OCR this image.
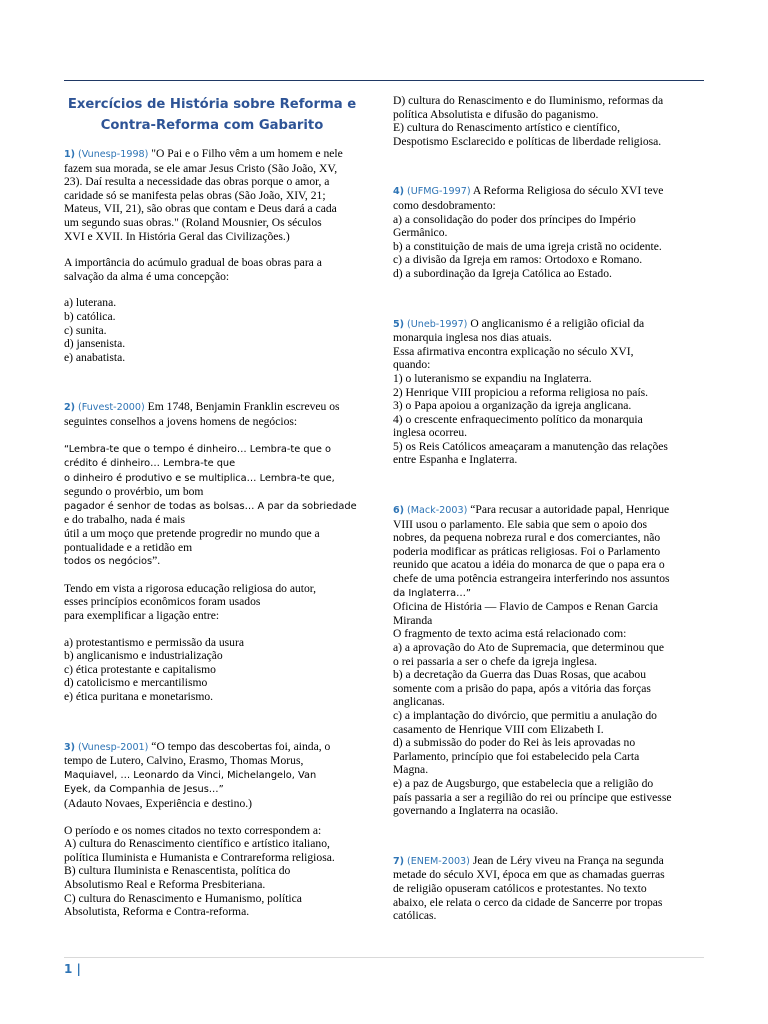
Exercícios de História sobre Reforma e
Contra-Reforma com Gabarito

1) (Vunesp-1998) "O Pai e o Filho vêm a um homem e nele

fazem sua morada, se ele amar Jesus Cristo (São João, XV,

23). Daí resulta a necessidade das obras porque o amor, a

caridade só se manifesta pelas obras (São João, XIV, 21;

Mateus, VII, 21), são obras que contam e Deus dará a cada

um segundo suas obras." (Roland Mousnier, Os séculos

XVI e XVII. In História Geral das Civilizações.)

A importância do acúmulo gradual de boas obras para a

salvação da alma é uma concepção:

a) luterana.

b) católica.

c) sunita.

d) jansenista.

e) anabatista.

2) (Fuvest-2000) Em 1748, Benjamin Franklin escreveu os

seguintes conselhos a jovens homens de negócios:

“Lembra-te que o tempo é dinheiro… Lembra-te que o

crédito é dinheiro… Lembra-te que

o dinheiro é produtivo e se multiplica… Lembra-te que,

segundo o provérbio, um bom

pagador é senhor de todas as bolsas… A par da sobriedade

e do trabalho, nada é mais

útil a um moço que pretende progredir no mundo que a

pontualidade e a retidão em

todos os negócios”.

Tendo em vista a rigorosa educação religiosa do autor,

esses princípios econômicos foram usados

para exemplificar a ligação entre:

a) protestantismo e permissão da usura

b) anglicanismo e industrialização

c) ética protestante e capitalismo

d) catolicismo e mercantilismo

e) ética puritana e monetarismo.

3) (Vunesp-2001) “O tempo das descobertas foi, ainda, o

tempo de Lutero, Calvino, Erasmo, Thomas Morus,

Maquiavel, … Leonardo da Vinci, Michelangelo, Van

Eyek, da Companhia de Jesus…”

(Adauto Novaes, Experiência e destino.)

O período e os nomes citados no texto correspondem a:

A) cultura do Renascimento científico e artístico italiano,

política Iluminista e Humanista e Contrareforma religiosa.

B) cultura Iluminista e Renascentista, política do

Absolutismo Real e Reforma Presbiteriana.

C) cultura do Renascimento e Humanismo, política

Absolutista, Reforma e Contra-reforma.

D) cultura do Renascimento e do Iluminismo, reformas da

política Absolutista e difusão do paganismo.

E) cultura do Renascimento artístico e científico,

Despotismo Esclarecido e políticas de liberdade religiosa.

4) (UFMG-1997) A Reforma Religiosa do século XVI teve

como desdobramento:

a) a consolidação do poder dos príncipes do Império

Germânico.

b) a constituição de mais de uma igreja cristã no ocidente.

c) a divisão da Igreja em ramos: Ortodoxo e Romano.

d) a subordinação da Igreja Católica ao Estado.

5) (Uneb-1997) O anglicanismo é a religião oficial da

monarquia inglesa nos dias atuais.

Essa afirmativa encontra explicação no século XVI,

quando:

1) o luteranismo se expandiu na Inglaterra.

2) Henrique VIII propiciou a reforma religiosa no país.

3) o Papa apoiou a organização da igreja anglicana.

4) o crescente enfraquecimento político da monarquia

inglesa ocorreu.

5) os Reis Católicos ameaçaram a manutenção das relações

entre Espanha e Inglaterra.

6) (Mack-2003) “Para recusar a autoridade papal, Henrique

VIII usou o parlamento. Ele sabia que sem o apoio dos

nobres, da pequena nobreza rural e dos comerciantes, não

poderia modificar as práticas religiosas. Foi o Parlamento

reunido que acatou a idéia do monarca de que o papa era o

chefe de uma potência estrangeira interferindo nos assuntos

da Inglaterra…”

Oficina de História — Flavio de Campos e Renan Garcia

Miranda

O fragmento de texto acima está relacionado com:

a) a aprovação do Ato de Supremacia, que determinou que

o rei passaria a ser o chefe da igreja inglesa.

b) a decretação da Guerra das Duas Rosas, que acabou

somente com a prisão do papa, após a vitória das forças

anglicanas.

c) a implantação do divórcio, que permitiu a anulação do

casamento de Henrique VIII com Elizabeth I.

d) a submissão do poder do Rei às leis aprovadas no

Parlamento, princípio que foi estabelecido pela Carta

Magna.

e) a paz de Augsburgo, que estabelecia que a religião do

país passaria a ser a regilião do rei ou príncipe que estivesse

governando a Inglaterra na ocasião.

7) (ENEM-2003) Jean de Léry viveu na França na segunda

metade do século XVI, época em que as chamadas guerras

de religião opuseram católicos e protestantes. No texto

abaixo, ele relata o cerco da cidade de Sancerre por tropas

católicas.

1 |
